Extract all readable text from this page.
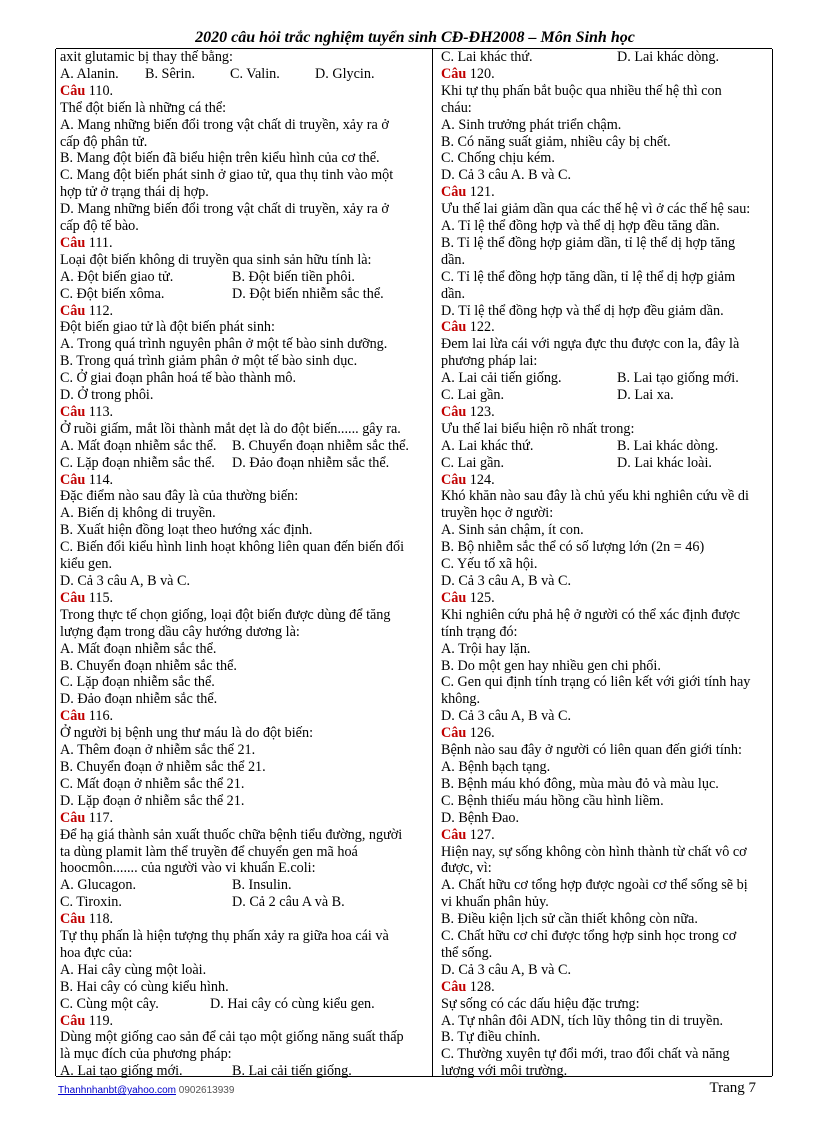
2020 câu hỏi trắc nghiệm tuyển sinh CĐ-ĐH2008 – Môn Sinh học
axit glutamic bị thay thế bằng:
A. Alanin. B. Sêrin. C. Valin. D. Glycin.
Câu 110.
Thể đột biến là những cá thể:
A. Mang những biến đổi trong vật chất di truyền, xảy ra ở
cấp độ phân tử.
B. Mang đột biến đã biểu hiện trên kiểu hình của cơ thể.
C. Mang đột biến phát sinh ở giao tử, qua thụ tinh vào một
hợp tử ở trạng thái dị hợp.
D. Mang những biến đổi trong vật chất di truyền, xảy ra ở
cấp độ tế bào.
Câu 111.
Loại đột biến không di truyền qua sinh sản hữu tính là:
A. Đột biến giao tử.	B. Đột biến tiền phôi.
C. Đột biến xôma.	D. Đột biến nhiễm sắc thể.
Câu 112.
Đột biến giao tử là đột biến phát sinh:
A. Trong quá trình nguyên phân ở một tế bào sinh dưỡng.
B. Trong quá trình giảm phân ở một tế bào sinh dục.
C. Ở giai đoạn phân hoá tế bào thành mô.
D. Ở trong phôi.
Câu 113.
Ở ruồi giấm, mắt lồi thành mắt dẹt là do đột biến...... gây ra.
A. Mất đoạn nhiễm sắc thể. B. Chuyển đoạn nhiễm sắc thể.
C. Lặp đoạn nhiễm sắc thể. D. Đảo đoạn nhiễm sắc thể.
Câu 114.
Đặc điểm nào sau đây là của thường biến:
A. Biến dị không di truyền.
B. Xuất hiện đồng loạt theo hướng xác định.
C. Biến đổi kiểu hình linh hoạt không liên quan đến biến đổi
kiểu gen.
D. Cả 3 câu A, B và C.
Câu 115.
Trong thực tế chọn giống, loại đột biến được dùng để tăng
lượng đạm trong dầu cây hướng dương là:
A. Mất đoạn nhiễm sắc thể.
B. Chuyển đoạn nhiễm sắc thể.
C. Lặp đoạn nhiễm sắc thể.
D. Đảo đoạn nhiễm sắc thể.
Câu 116.
Ở người bị bệnh ung thư máu là do đột biến:
A. Thêm đoạn ở nhiễm sắc thể 21.
B. Chuyển đoạn ở nhiễm sắc thể 21.
C. Mất đoạn ở nhiễm sắc thể 21.
D. Lặp đoạn ở nhiễm sắc thể 21.
Câu 117.
Để hạ giá thành sản xuất thuốc chữa bệnh tiểu đường, người
ta dùng plamit làm thể truyền để chuyển gen mã hoá
hoocmôn....... của người vào vi khuẩn E.coli:
A. Glucagon.	B. Insulin.
C. Tiroxin.	D. Cả 2 câu A và B.
Câu 118.
Tự thụ phấn là hiện tượng thụ phấn xảy ra giữa hoa cái và
hoa đực của:
A. Hai cây cùng một loài.
B. Hai cây có cùng kiểu hình.
C. Cùng một cây.	D. Hai cây có cùng kiểu gen.
Câu 119.
Dùng một giống cao sản để cải tạo một giống năng suất thấp
là mục đích của phương pháp:
A. Lai tạo giống mới.	B. Lai cải tiến giống.
C. Lai khác thứ.	D. Lai khác dòng.
Câu 120.
Khi tự thụ phấn bắt buộc qua nhiều thế hệ thì con
cháu:
A. Sinh trưởng phát triển chậm.
B. Có năng suất giảm, nhiều cây bị chết.
C. Chống chịu kém.
D. Cả 3 câu A. B và C.
Câu 121.
Ưu thế lai giảm dần qua các thế hệ vì ở các thế hệ sau:
A. Tỉ lệ thể đồng hợp và thể dị hợp đều tăng dần.
B. Tỉ lệ thể đồng hợp giảm dần, tỉ lệ thể dị hợp tăng
dần.
C. Tỉ lệ thể đồng hợp tăng dần, tỉ lệ thể dị hợp giảm
dần.
D. Tỉ lệ thể đồng hợp và thể dị hợp đều giảm dần.
Câu 122.
Đem lai lừa cái với ngựa đực thu được con la, đây là
phương pháp lai:
A. Lai cải tiến giống.	B. Lai tạo giống mới.
C. Lai gần.	D. Lai xa.
Câu 123.
Ưu thế lai biểu hiện rõ nhất trong:
A. Lai khác thứ.	B. Lai khác dòng.
C. Lai gần.	D. Lai khác loài.
Câu 124.
Khó khăn nào sau đây là chủ yếu khi nghiên cứu về di
truyền học ở người:
A. Sinh sản chậm, ít con.
B. Bộ nhiễm sắc thể có số lượng lớn (2n = 46)
C. Yếu tố xã hội.
D. Cả 3 câu A, B và C.
Câu 125.
Khi nghiên cứu phả hệ ở người có thể xác định được
tính trạng đó:
A. Trội hay lặn.
B. Do một gen hay nhiều gen chi phối.
C. Gen qui định tính trạng có liên kết với giới tính hay
không.
D. Cả 3 câu A, B và C.
Câu 126.
Bệnh nào sau đây ở người có liên quan đến giới tính:
A. Bệnh bạch tạng.
B. Bệnh máu khó đông, mùa màu đỏ và màu lục.
C. Bệnh thiếu máu hồng cầu hình liềm.
D. Bệnh Đao.
Câu 127.
Hiện nay, sự sống không còn hình thành từ chất vô cơ
được, vì:
A. Chất hữu cơ tổng hợp được ngoài cơ thể sống sẽ bị
vi khuẩn phân hủy.
B. Điều kiện lịch sử cần thiết không còn nữa.
C. Chất hữu cơ chỉ được tổng hợp sinh học trong cơ
thể sống.
D. Cả 3 câu A, B và C.
Câu 128.
Sự sống có các dấu hiệu đặc trưng:
A. Tự nhân đôi ADN, tích lũy thông tin di truyền.
B. Tự điều chỉnh.
C. Thường xuyên tự đổi mới, trao đổi chất và năng
lượng với môi trường.
Thanhnhanbt@yahoo.com 0902613939	Trang 7
